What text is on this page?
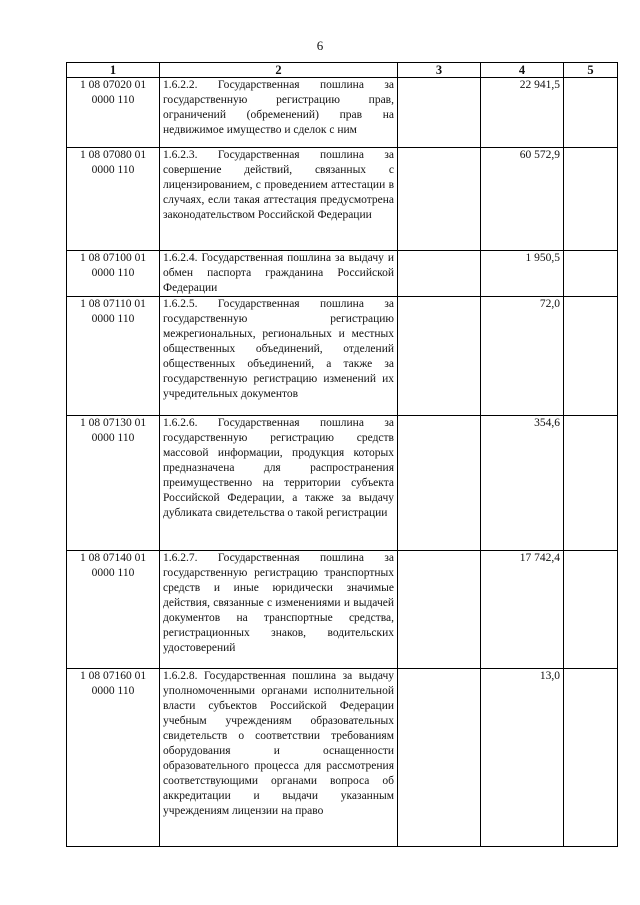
6
1	2	3	4	5
1 08 07020 01 0000 110	1.6.2.2. Государственная пошлина за государственную регистрацию прав, ограничений (обременений) прав на недвижимое имущество и сделок с ним		22 941,5	
1 08 07080 01 0000 110	1.6.2.3. Государственная пошлина за совершение действий, связанных с лицензированием, с проведением аттестации в случаях, если такая аттестация предусмотрена законодательством Российской Федерации		60 572,9	
1 08 07100 01 0000 110	1.6.2.4. Государственная пошлина за выдачу и обмен паспорта гражданина Российской Федерации		1 950,5	
1 08 07110 01 0000 110	1.6.2.5. Государственная пошлина за государственную регистрацию межрегиональных, региональных и местных общественных объединений, отделений общественных объединений, а также за государственную регистрацию изменений их учредительных документов		72,0	
1 08 07130 01 0000 110	1.6.2.6. Государственная пошлина за государственную регистрацию средств массовой информации, продукция которых предназначена для распространения преимущественно на территории субъекта Российской Федерации, а также за выдачу дубликата свидетельства о такой регистрации		354,6	
1 08 07140 01 0000 110	1.6.2.7. Государственная пошлина за государственную регистрацию транспортных средств и иные юридически значимые действия, связанные с изменениями и выдачей документов на транспортные средства, регистрационных знаков, водительских удостоверений		17 742,4	
1 08 07160 01 0000 110	1.6.2.8. Государственная пошлина за выдачу уполномоченными органами исполнительной власти субъектов Российской Федерации учебным учреждениям образовательных свидетельств о соответствии требованиям оборудования и оснащенности образовательного процесса для рассмотрения соответствующими органами вопроса об аккредитации и выдачи указанным учреждениям лицензии на право		13,0	
